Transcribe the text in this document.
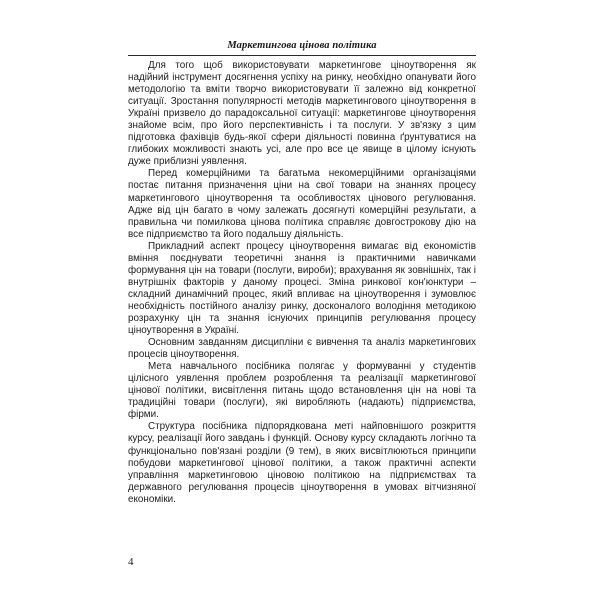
Маркетингова цінова політика

Для того щоб використовувати маркетингове ціноутворення як надійний інструмент досягнення успіху на ринку, необхідно опанувати його методологію та вміти творчо використовувати її залежно від конкретної ситуації. Зростання популярності методів маркетингового ціноутворення в Україні призвело до парадоксальної ситуації: маркетингове ціноутворення знайоме всім, про його перспективність і та послуги. У зв'язку з цим підготовка фахівців будь-якої сфери діяльності повинна ґрунтуватися на глибоких можливості знають усі, але про все це явище в цілому існують дуже приблизні уявлення.

Перед комерційними та багатьма некомерційними організаціями постає питання призначення ціни на свої товари на знаннях процесу маркетингового ціноутворення та особливостях цінового регулювання. Адже від цін багато в чому залежать досягнуті комерційні результати, а правильна чи помилкова цінова політика справляє довгострокову дію на все підприємство та його подальшу діяльність.

Прикладний аспект процесу ціноутворення вимагає від економістів вміння поєднувати теоретичні знання із практичними навичками формування цін на товари (послуги, вироби); врахування як зовнішніх, так і внутрішніх факторів у даному процесі. Зміна ринкової кон'юнктури – складний динамічний процес, який впливає на ціноутворення і зумовлює необхідність постійного аналізу ринку, досконалого володіння методикою розрахунку цін та знання існуючих принципів регулювання процесу ціноутворення в Україні.

Основним завданням дисципліни є вивчення та аналіз маркетингових процесів ціноутворення.

Мета навчального посібника полягає у формуванні у студентів цілісного уявлення проблем розроблення та реалізації маркетингової цінової політики, висвітлення питань щодо встановлення цін на нові та традиційні товари (послуги), які виробляють (надають) підприємства, фірми.

Структура посібника підпорядкована меті найповнішого розкриття курсу, реалізації його завдань і функцій. Основу курсу складають логічно та функціонально пов'язані розділи (9 тем), в яких висвітлюються принципи побудови маркетингової цінової політики, а також практичні аспекти управління маркетинговою ціновою політикою на підприємствах та державного регулювання процесів ціноутворення в умовах вітчизняної економіки.

4
